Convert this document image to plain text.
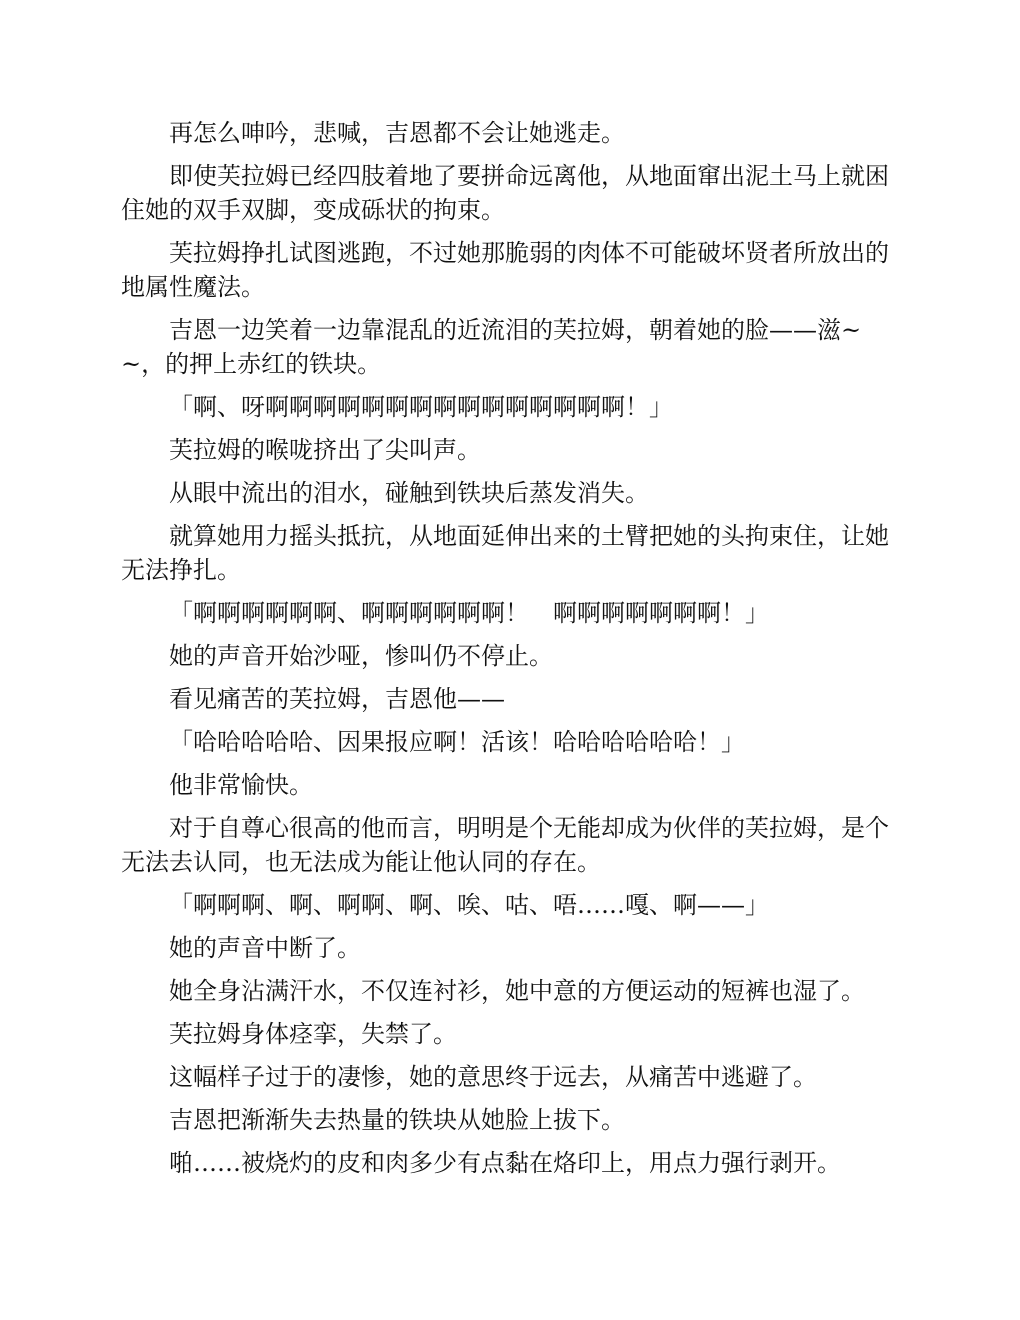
再怎么呻吟，悲喊，吉恩都不会让她逃走。

即使芙拉姆已经四肢着地了要拼命远离他，从地面窜出泥土马上就困住她的双手双脚，变成砾状的拘束。

芙拉姆挣扎试图逃跑，不过她那脆弱的肉体不可能破坏贤者所放出的地属性魔法。

吉恩一边笑着一边靠混乱的近流泪的芙拉姆，朝着她的脸——滋~~，的押上赤红的铁块。

「啊、呀啊啊啊啊啊啊啊啊啊啊啊啊啊啊啊！」

芙拉姆的喉咙挤出了尖叫声。

从眼中流出的泪水，碰触到铁块后蒸发消失。

就算她用力摇头抵抗，从地面延伸出来的土臂把她的头拘束住，让她无法挣扎。

「啊啊啊啊啊啊、啊啊啊啊啊啊！　啊啊啊啊啊啊啊！」

她的声音开始沙哑，惨叫仍不停止。

看见痛苦的芙拉姆，吉恩他——

「哈哈哈哈哈、因果报应啊！活该！哈哈哈哈哈哈！」

他非常愉快。

对于自尊心很高的他而言，明明是个无能却成为伙伴的芙拉姆，是个无法去认同，也无法成为能让他认同的存在。

「啊啊啊、啊、啊啊、啊、唉、咕、唔……嘎、啊——」

她的声音中断了。

她全身沾满汗水，不仅连衬衫，她中意的方便运动的短裤也湿了。

芙拉姆身体痉挛，失禁了。

这幅样子过于的凄惨，她的意思终于远去，从痛苦中逃避了。

吉恩把渐渐失去热量的铁块从她脸上拔下。

啪……被烧灼的皮和肉多少有点黏在烙印上，用点力强行剥开。
